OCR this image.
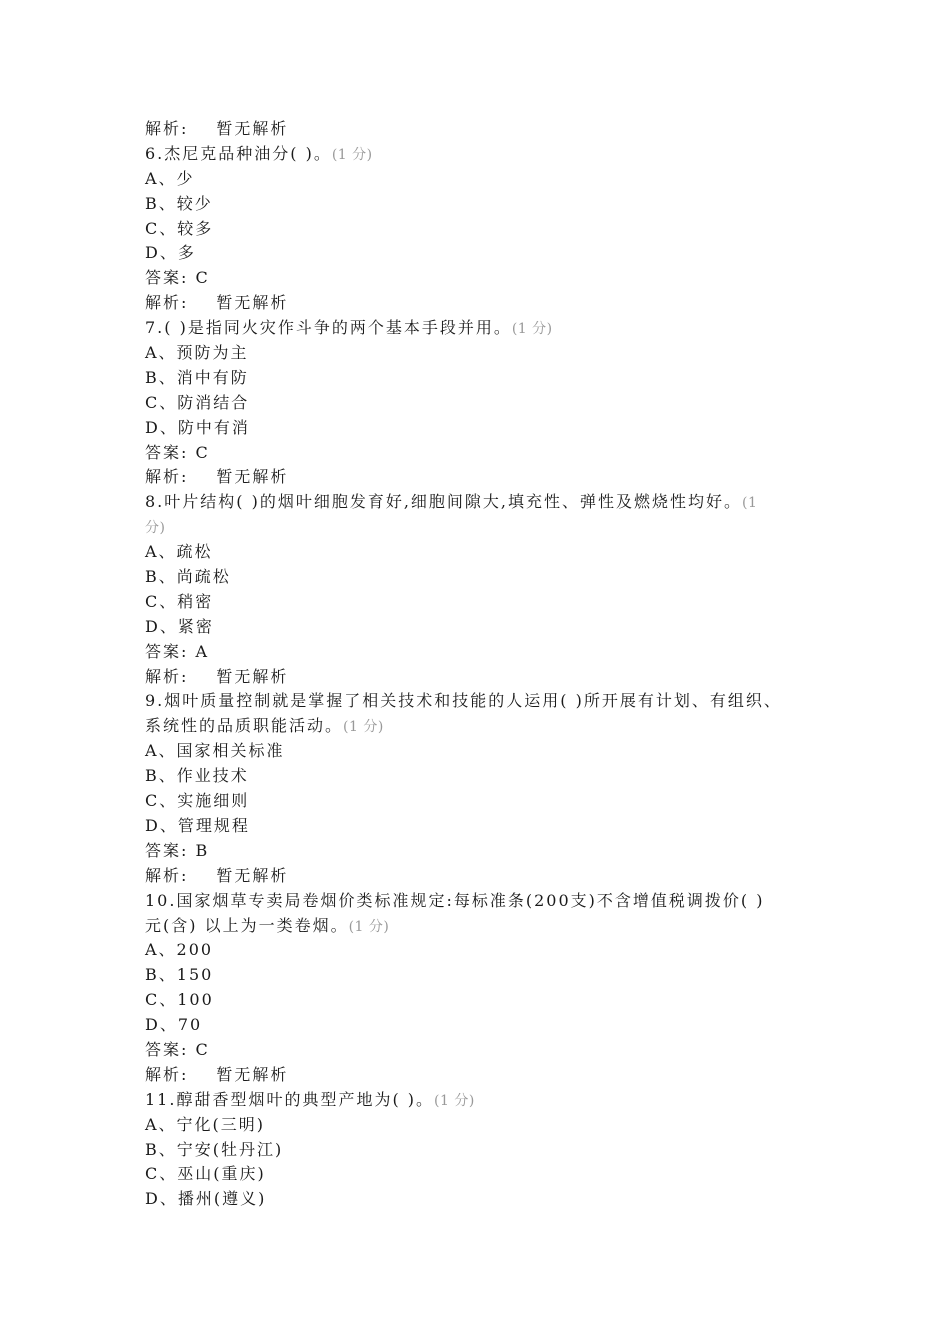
解析: 暂无解析
6.杰尼克品种油分( )。(1 分)
A、少
B、较少
C、较多
D、多
答案: C
解析: 暂无解析
7.( )是指同火灾作斗争的两个基本手段并用。(1 分)
A、预防为主
B、消中有防
C、防消结合
D、防中有消
答案: C
解析: 暂无解析
8.叶片结构( )的烟叶细胞发育好,细胞间隙大,填充性、弹性及燃烧性均好。(1
分)
A、疏松
B、尚疏松
C、稍密
D、紧密
答案: A
解析: 暂无解析
9.烟叶质量控制就是掌握了相关技术和技能的人运用( )所开展有计划、有组织、
系统性的品质职能活动。(1 分)
A、国家相关标准
B、作业技术
C、实施细则
D、管理规程
答案: B
解析: 暂无解析
10.国家烟草专卖局卷烟价类标准规定:每标准条(200支)不含增值税调拨价( )
元(含) 以上为一类卷烟。(1 分)
A、200
B、150
C、100
D、70
答案: C
解析: 暂无解析
11.醇甜香型烟叶的典型产地为( )。(1 分)
A、宁化(三明)
B、宁安(牡丹江)
C、巫山(重庆)
D、播州(遵义)
